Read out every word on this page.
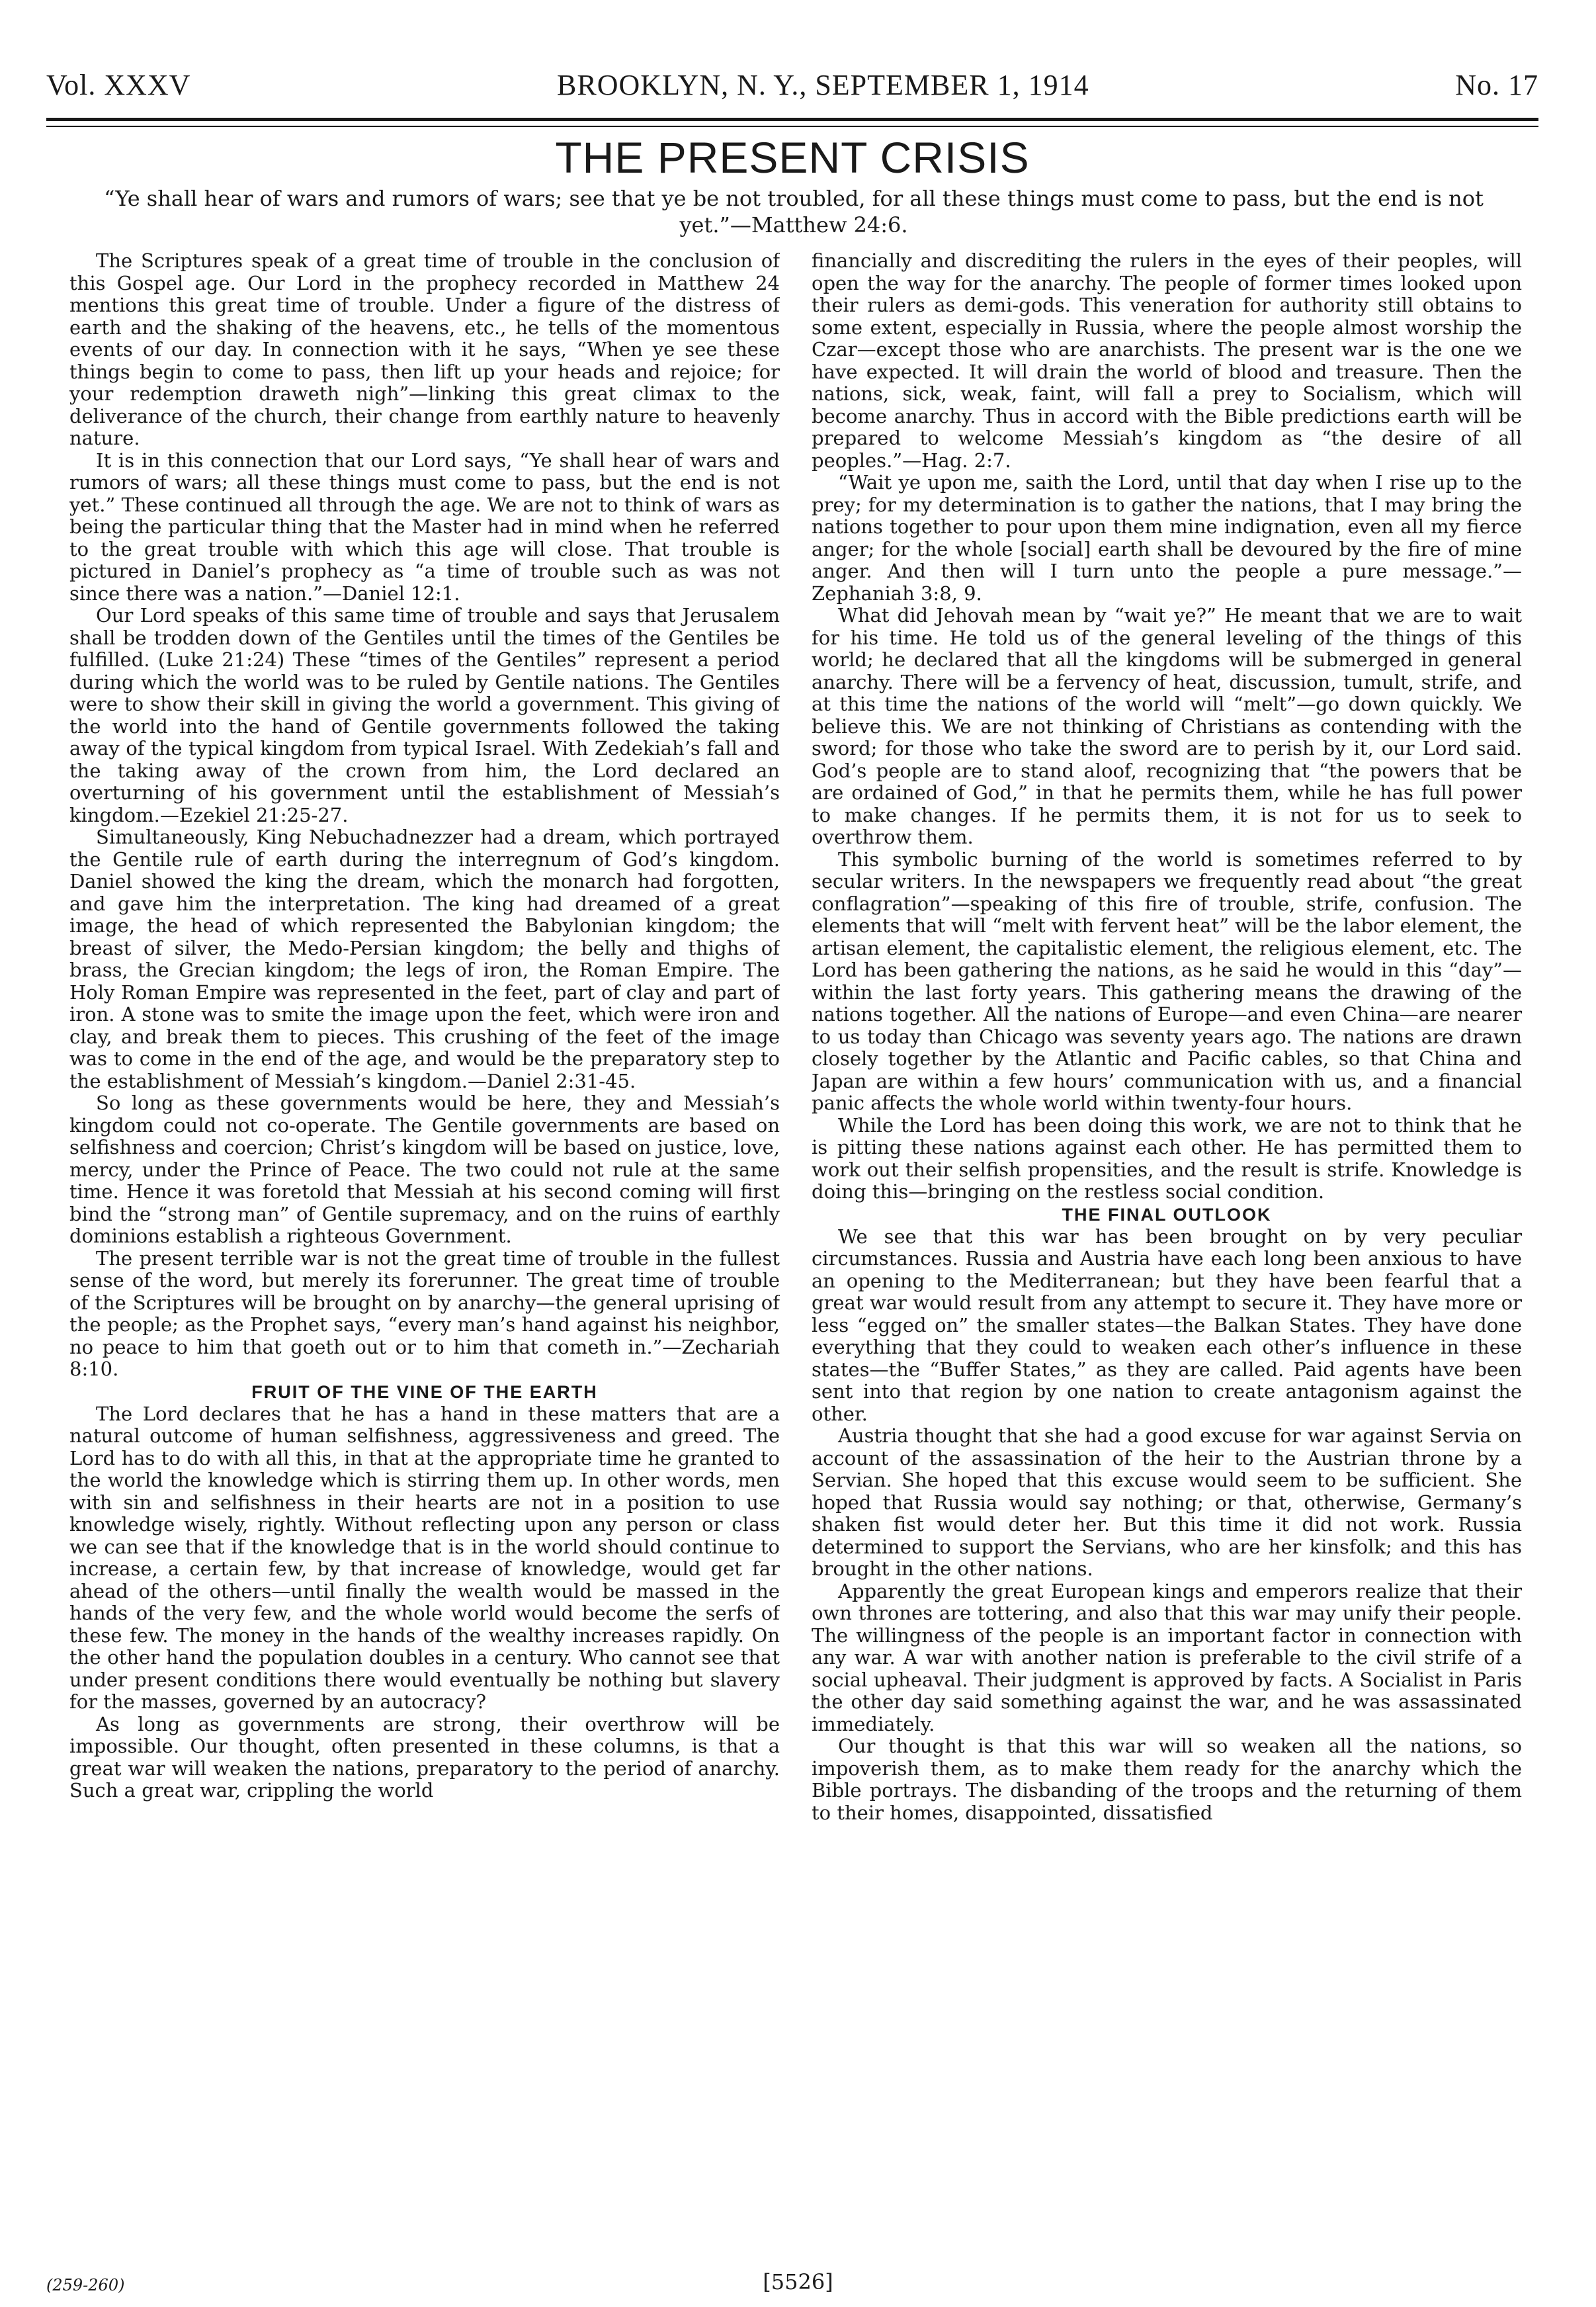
Vol. XXXV	BROOKLYN, N. Y., SEPTEMBER 1, 1914	No. 17
THE PRESENT CRISIS
“Ye shall hear of wars and rumors of wars; see that ye be not troubled, for all these things must come to pass, but the end is not yet.”—Matthew 24:6.

The Scriptures speak of a great time of trouble in the conclusion of this Gospel age. Our Lord in the prophecy recorded in Matthew 24 mentions this great time of trouble. Under a figure of the distress of earth and the shaking of the heavens, etc., he tells of the momentous events of our day. In connection with it he says, “When ye see these things begin to come to pass, then lift up your heads and rejoice; for your redemption draweth nigh”—linking this great climax to the deliverance of the church, their change from earthly nature to heavenly nature.

It is in this connection that our Lord says, “Ye shall hear of wars and rumors of wars; all these things must come to pass, but the end is not yet.” These continued all through the age. We are not to think of wars as being the particular thing that the Master had in mind when he referred to the great trouble with which this age will close. That trouble is pictured in Daniel’s prophecy as “a time of trouble such as was not since there was a nation.”—Daniel 12:1.

Our Lord speaks of this same time of trouble and says that Jerusalem shall be trodden down of the Gentiles until the times of the Gentiles be fulfilled. (Luke 21:24) These “times of the Gentiles” represent a period during which the world was to be ruled by Gentile nations. The Gentiles were to show their skill in giving the world a government. This giving of the world into the hand of Gentile governments followed the taking away of the typical kingdom from typical Israel. With Zedekiah’s fall and the taking away of the crown from him, the Lord declared an overturning of his government until the establishment of Messiah’s kingdom.—Ezekiel 21:25-27.

Simultaneously, King Nebuchadnezzer had a dream, which portrayed the Gentile rule of earth during the interregnum of God’s kingdom. Daniel showed the king the dream, which the monarch had forgotten, and gave him the interpretation. The king had dreamed of a great image, the head of which represented the Babylonian kingdom; the breast of silver, the Medo-Persian kingdom; the belly and thighs of brass, the Grecian kingdom; the legs of iron, the Roman Empire. The Holy Roman Empire was represented in the feet, part of clay and part of iron. A stone was to smite the image upon the feet, which were iron and clay, and break them to pieces. This crushing of the feet of the image was to come in the end of the age, and would be the preparatory step to the establishment of Messiah’s kingdom.—Daniel 2:31-45.

So long as these governments would be here, they and Messiah’s kingdom could not co-operate. The Gentile governments are based on selfishness and coercion; Christ’s kingdom will be based on justice, love, mercy, under the Prince of Peace. The two could not rule at the same time. Hence it was foretold that Messiah at his second coming will first bind the “strong man” of Gentile supremacy, and on the ruins of earthly dominions establish a righteous Government.

The present terrible war is not the great time of trouble in the fullest sense of the word, but merely its forerunner. The great time of trouble of the Scriptures will be brought on by anarchy—the general uprising of the people; as the Prophet says, “every man’s hand against his neighbor, no peace to him that goeth out or to him that cometh in.”—Zechariah 8:10.

FRUIT OF THE VINE OF THE EARTH

The Lord declares that he has a hand in these matters that are a natural outcome of human selfishness, aggressiveness and greed. The Lord has to do with all this, in that at the appropriate time he granted to the world the knowledge which is stirring them up. In other words, men with sin and selfishness in their hearts are not in a position to use knowledge wisely, rightly. Without reflecting upon any person or class we can see that if the knowledge that is in the world should continue to increase, a certain few, by that increase of knowledge, would get far ahead of the others—until finally the wealth would be massed in the hands of the very few, and the whole world would become the serfs of these few. The money in the hands of the wealthy increases rapidly. On the other hand the population doubles in a century. Who cannot see that under present conditions there would eventually be nothing but slavery for the masses, governed by an autocracy?

As long as governments are strong, their overthrow will be impossible. Our thought, often presented in these columns, is that a great war will weaken the nations, preparatory to the period of anarchy. Such a great war, crippling the world

financially and discrediting the rulers in the eyes of their peoples, will open the way for the anarchy. The people of former times looked upon their rulers as demi-gods. This veneration for authority still obtains to some extent, especially in Russia, where the people almost worship the Czar—except those who are anarchists. The present war is the one we have expected. It will drain the world of blood and treasure. Then the nations, sick, weak, faint, will fall a prey to Socialism, which will become anarchy. Thus in accord with the Bible predictions earth will be prepared to welcome Messiah’s kingdom as “the desire of all peoples.”—Hag. 2:7.

“Wait ye upon me, saith the Lord, until that day when I rise up to the prey; for my determination is to gather the nations, that I may bring the nations together to pour upon them mine indignation, even all my fierce anger; for the whole [social] earth shall be devoured by the fire of mine anger. And then will I turn unto the people a pure message.”—Zephaniah 3:8, 9.

What did Jehovah mean by “wait ye?” He meant that we are to wait for his time. He told us of the general leveling of the things of this world; he declared that all the kingdoms will be submerged in general anarchy. There will be a fervency of heat, discussion, tumult, strife, and at this time the nations of the world will “melt”—go down quickly. We believe this. We are not thinking of Christians as contending with the sword; for those who take the sword are to perish by it, our Lord said. God’s people are to stand aloof, recognizing that “the powers that be are ordained of God,” in that he permits them, while he has full power to make changes. If he permits them, it is not for us to seek to overthrow them.

This symbolic burning of the world is sometimes referred to by secular writers. In the newspapers we frequently read about “the great conflagration”—speaking of this fire of trouble, strife, confusion. The elements that will “melt with fervent heat” will be the labor element, the artisan element, the capitalistic element, the religious element, etc. The Lord has been gathering the nations, as he said he would in this “day”—within the last forty years. This gathering means the drawing of the nations together. All the nations of Europe—and even China—are nearer to us today than Chicago was seventy years ago. The nations are drawn closely together by the Atlantic and Pacific cables, so that China and Japan are within a few hours’ communication with us, and a financial panic affects the whole world within twenty-four hours.

While the Lord has been doing this work, we are not to think that he is pitting these nations against each other. He has permitted them to work out their selfish propensities, and the result is strife. Knowledge is doing this—bringing on the restless social condition.

THE FINAL OUTLOOK

We see that this war has been brought on by very peculiar circumstances. Russia and Austria have each long been anxious to have an opening to the Mediterranean; but they have been fearful that a great war would result from any attempt to secure it. They have more or less “egged on” the smaller states—the Balkan States. They have done everything that they could to weaken each other’s influence in these states—the “Buffer States,” as they are called. Paid agents have been sent into that region by one nation to create antagonism against the other.

Austria thought that she had a good excuse for war against Servia on account of the assassination of the heir to the Austrian throne by a Servian. She hoped that this excuse would seem to be sufficient. She hoped that Russia would say nothing; or that, otherwise, Germany’s shaken fist would deter her. But this time it did not work. Russia determined to support the Servians, who are her kinsfolk; and this has brought in the other nations.

Apparently the great European kings and emperors realize that their own thrones are tottering, and also that this war may unify their people. The willingness of the people is an important factor in connection with any war. A war with another nation is preferable to the civil strife of a social upheaval. Their judgment is approved by facts. A Socialist in Paris the other day said something against the war, and he was assassinated immediately.

Our thought is that this war will so weaken all the nations, so impoverish them, as to make them ready for the anarchy which the Bible portrays. The disbanding of the troops and the returning of them to their homes, disappointed, dissatisfied

(259-260)	[5526]
